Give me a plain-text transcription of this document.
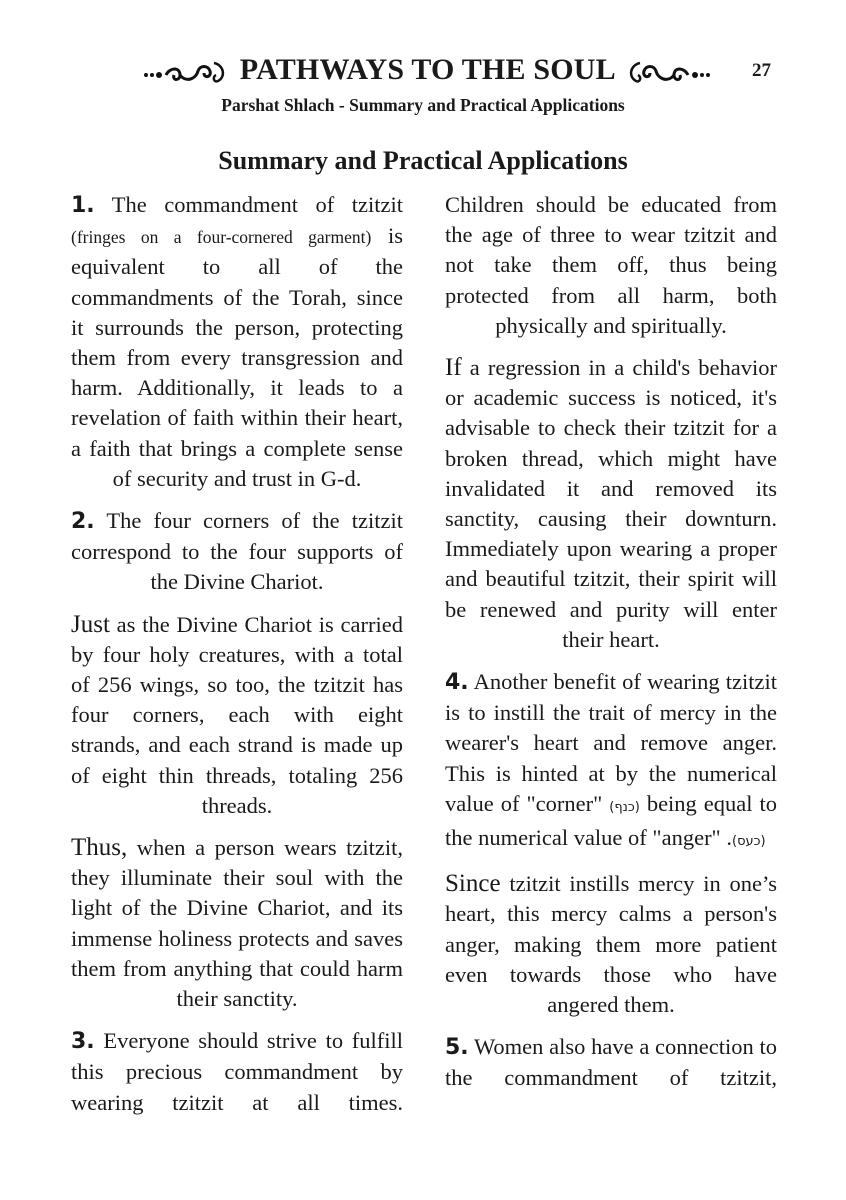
PATHWAYS TO THE SOUL	27
Parshat Shlach - Summary and Practical Applications
Summary and Practical Applications

1. The commandment of tzitzit (fringes on a four-cornered garment) is equivalent to all of the commandments of the Torah, since it surrounds the person, protecting them from every transgression and harm. Additionally, it leads to a revelation of faith within their heart, a faith that brings a complete sense of security and trust in G-d.

2. The four corners of the tzitzit correspond to the four supports of the Divine Chariot.

Just as the Divine Chariot is carried by four holy creatures, with a total of 256 wings, so too, the tzitzit has four corners, each with eight strands, and each strand is made up of eight thin threads, totaling 256 threads.

Thus, when a person wears tzitzit, they illuminate their soul with the light of the Divine Chariot, and its immense holiness protects and saves them from anything that could harm their sanctity.

3. Everyone should strive to fulfill this precious commandment by wearing tzitzit at all times.

Children should be educated from the age of three to wear tzitzit and not take them off, thus being protected from all harm, both physically and spiritually.

If a regression in a child's behavior or academic success is noticed, it's advisable to check their tzitzit for a broken thread, which might have invalidated it and removed its sanctity, causing their downturn. Immediately upon wearing a proper and beautiful tzitzit, their spirit will be renewed and purity will enter their heart.

4. Another benefit of wearing tzitzit is to instill the trait of mercy in the wearer's heart and remove anger. This is hinted at by the numerical value of "corner" (כנף) being equal to the numerical value of "anger" .(כעס)

Since tzitzit instills mercy in one’s heart, this mercy calms a person's anger, making them more patient even towards those who have angered them.

5. Women also have a connection to the commandment of tzitzit,
